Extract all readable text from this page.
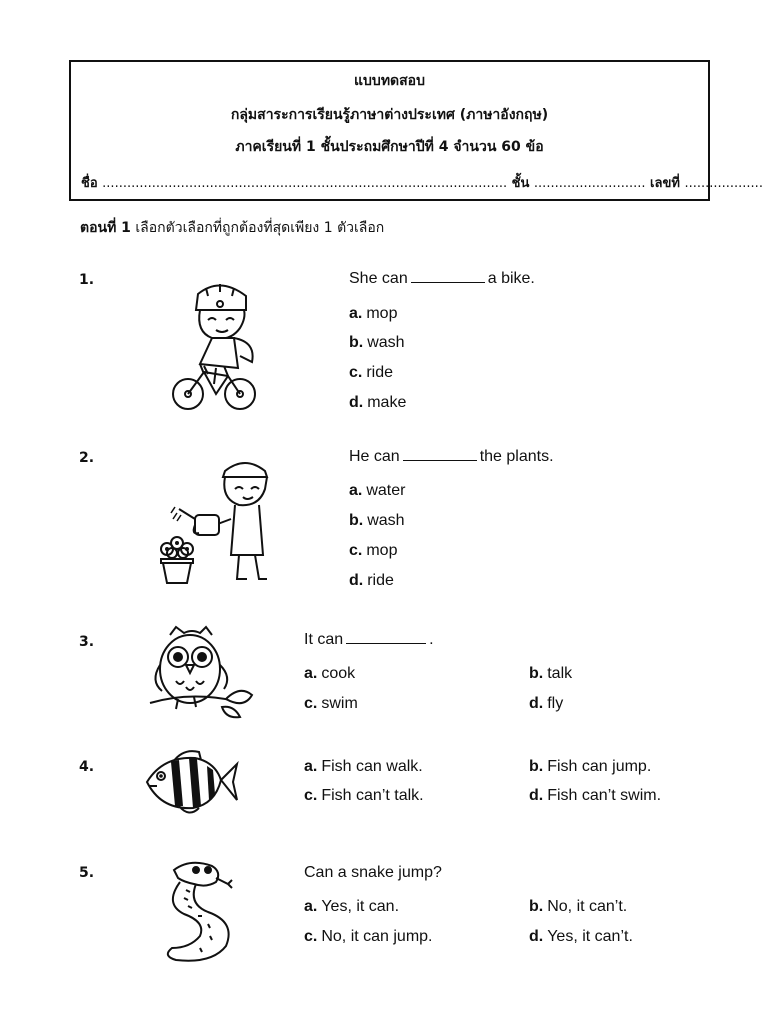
แบบทดสอบ
กลุ่มสาระการเรียนรู้ภาษาต่างประเทศ (ภาษาอังกฤษ)
ภาคเรียนที่ 1 ชั้นประถมศึกษาปีที่ 4 จำนวน 60 ข้อ
ชื่อ .................................................................................................. ชั้น ........................... เลขที่ ...................
ตอนที่ 1 เลือกตัวเลือกที่ถูกต้องที่สุดเพียง 1 ตัวเลือก
1.	She can	a bike.
a. mop
b. wash
c. ride
d. make
2.	He can	the plants.
a. water
b. wash
c. mop
d. ride
3.	It can	.
a. cook	b. talk
c. swim	d. fly
4.	a. Fish can walk.	b. Fish can jump.
c. Fish can’t talk.	d. Fish can’t swim.
5.	Can a snake jump?
a. Yes, it can.	b. No, it can’t.
c. No, it can jump.	d. Yes, it can’t.
